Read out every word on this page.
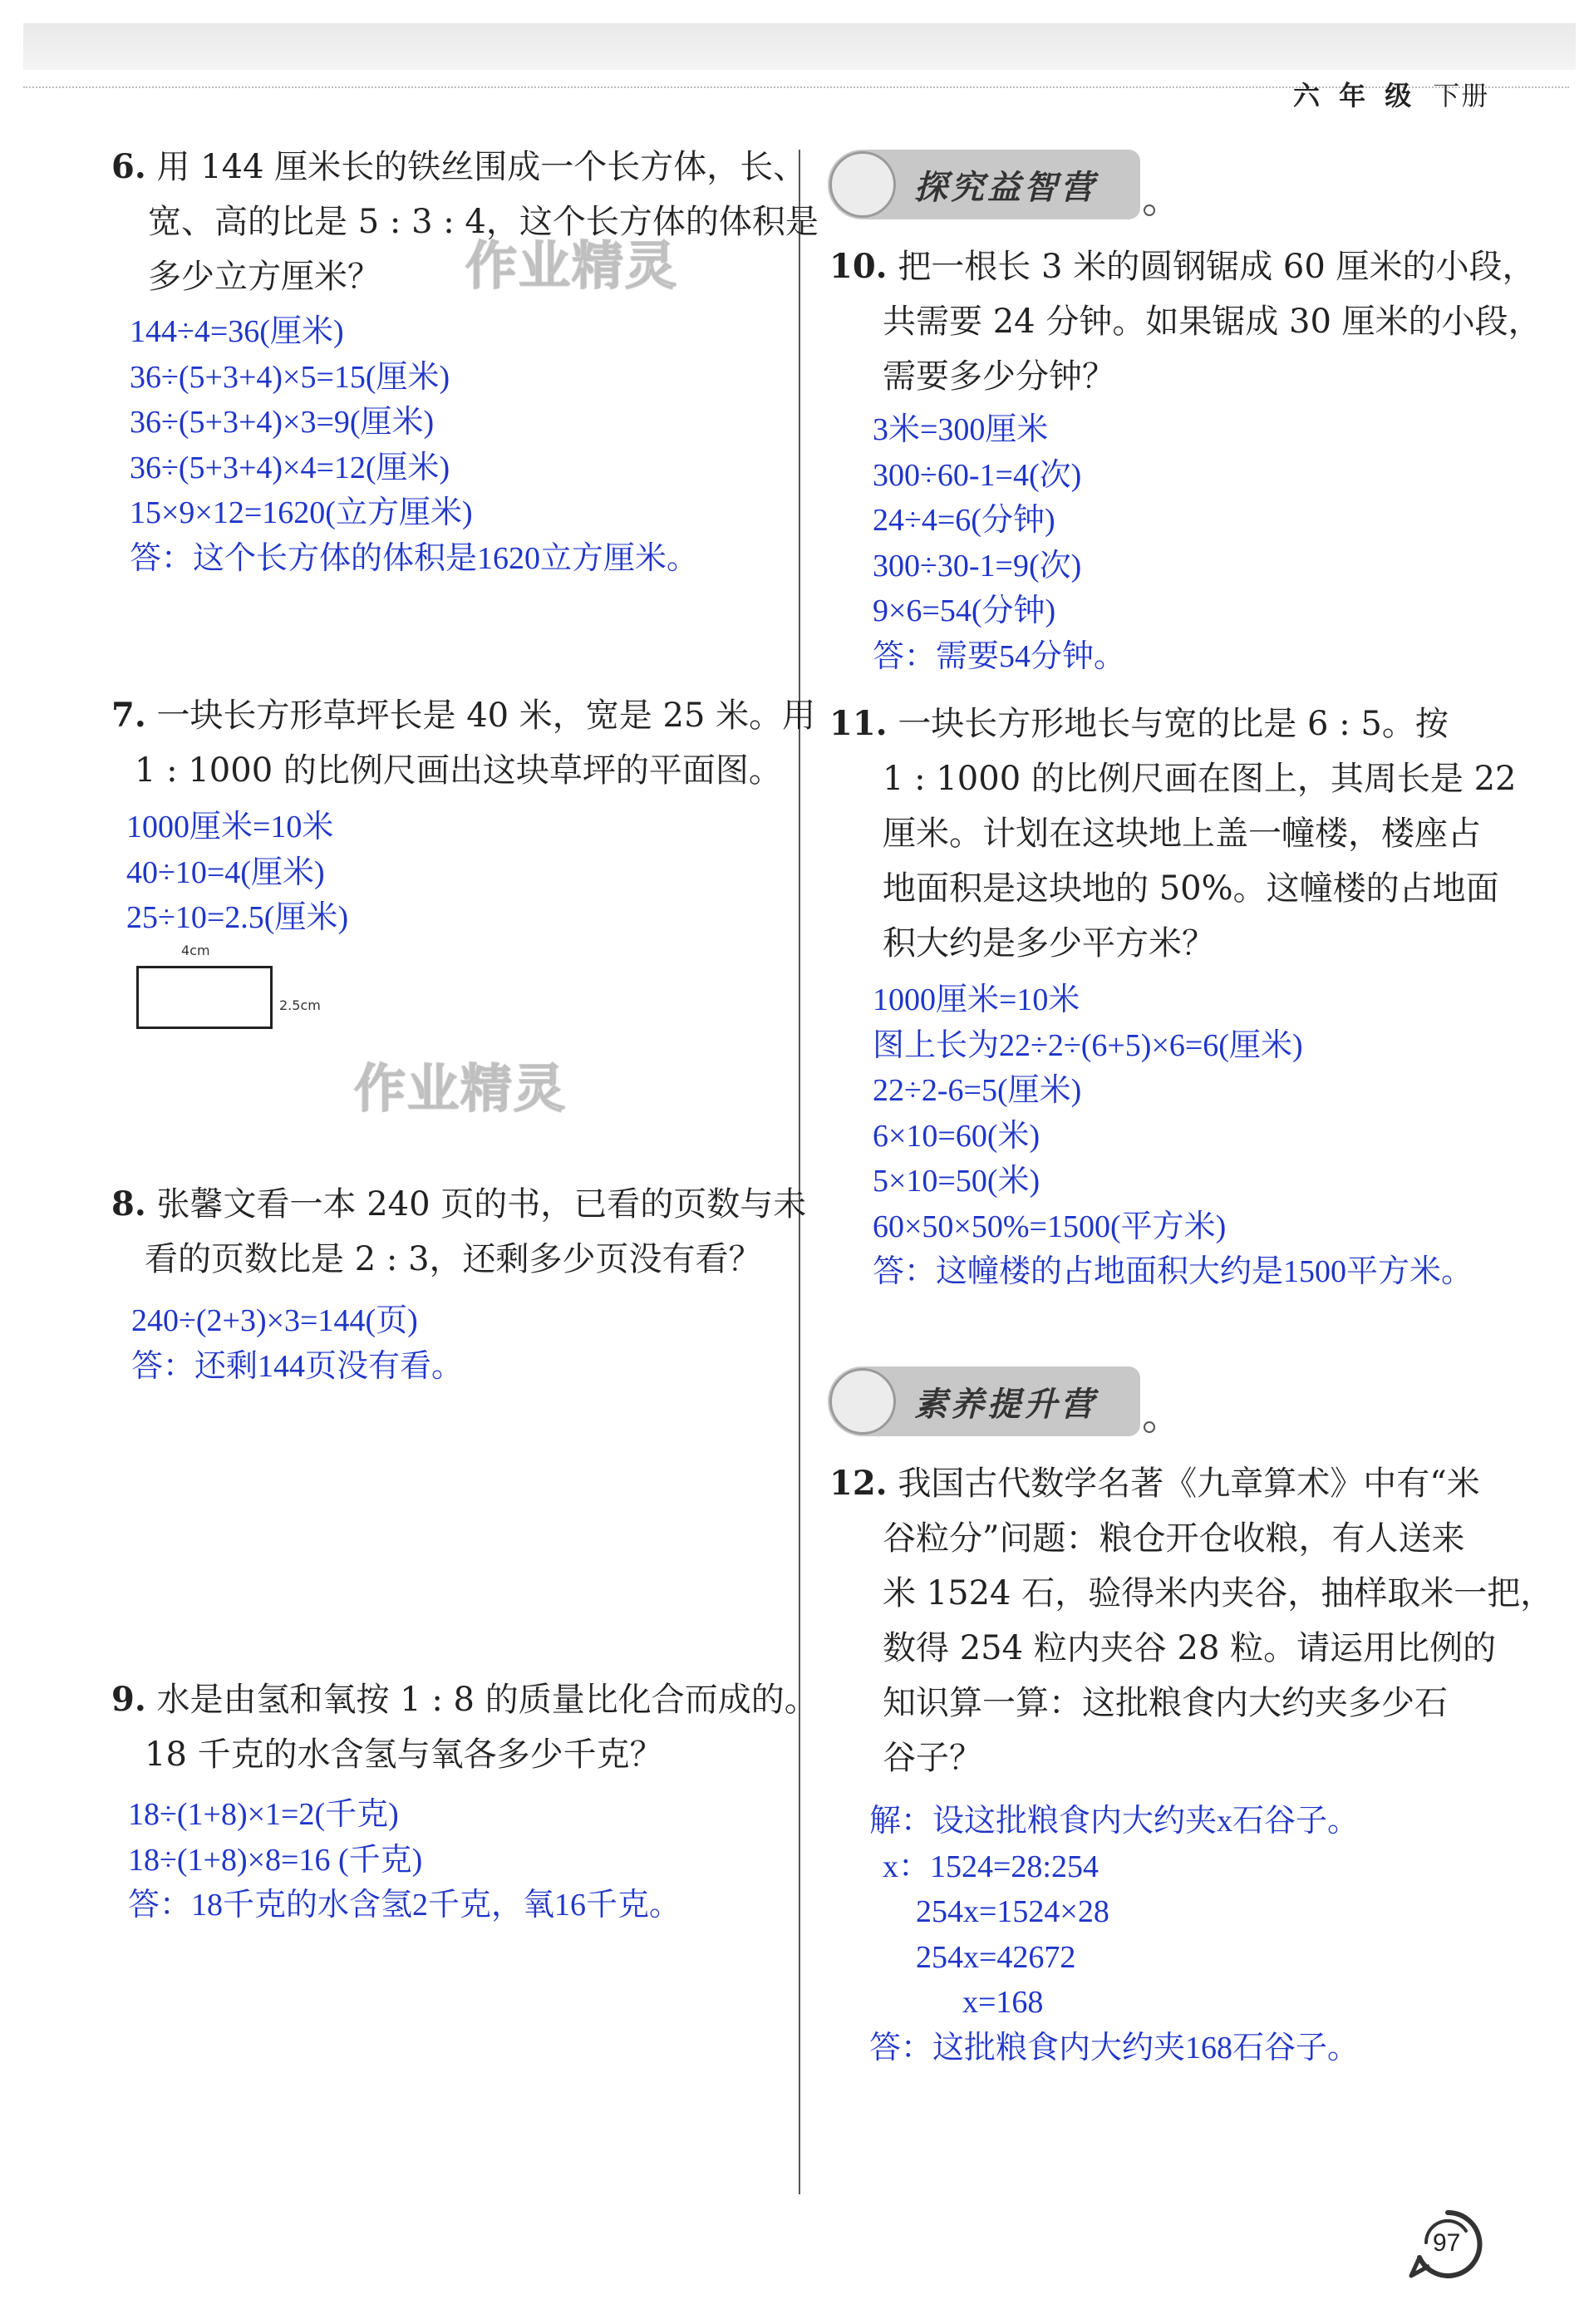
六 年 级 下册
6. 用 144 厘米长的铁丝围成一个长方体，长、
宽、高的比是 5 : 3 : 4，这个长方体的体积是
多少立方厘米？
144÷4=36(厘米)
36÷(5+3+4)×5=15(厘米)
36÷(5+3+4)×3=9(厘米)
36÷(5+3+4)×4=12(厘米)
15×9×12=1620(立方厘米)
答：这个长方体的体积是1620立方厘米。
作业精灵
7. 一块长方形草坪长是 40 米，宽是 25 米。用
1 : 1000 的比例尺画出这块草坪的平面图。
1000厘米=10米
40÷10=4(厘米)
25÷10=2.5(厘米)
4cm
2.5cm
作业精灵
8. 张馨文看一本 240 页的书，已看的页数与未
看的页数比是 2 : 3，还剩多少页没有看？
240÷(2+3)×3=144(页)
答：还剩144页没有看。
9. 水是由氢和氧按 1 : 8 的质量比化合而成的。
18 千克的水含氢与氧各多少千克？
18÷(1+8)×1=2(千克)
18÷(1+8)×8=16 (千克)
答：18千克的水含氢2千克，氧16千克。
探究益智营
10. 把一根长 3 米的圆钢锯成 60 厘米的小段，
共需要 24 分钟。如果锯成 30 厘米的小段，
需要多少分钟？
3米=300厘米
300÷60-1=4(次)
24÷4=6(分钟)
300÷30-1=9(次)
9×6=54(分钟)
答：需要54分钟。
11. 一块长方形地长与宽的比是 6 : 5。按
1 : 1000 的比例尺画在图上，其周长是 22
厘米。计划在这块地上盖一幢楼，楼座占
地面积是这块地的 50%。这幢楼的占地面
积大约是多少平方米？
1000厘米=10米
图上长为22÷2÷(6+5)×6=6(厘米)
22÷2-6=5(厘米)
6×10=60(米)
5×10=50(米)
60×50×50%=1500(平方米)
答：这幢楼的占地面积大约是1500平方米。
素养提升营
12. 我国古代数学名著《九章算术》中有“米
谷粒分”问题：粮仓开仓收粮，有人送来
米 1524 石，验得米内夹谷，抽样取米一把，
数得 254 粒内夹谷 28 粒。请运用比例的
知识算一算：这批粮食内大约夹多少石
谷子？
解：设这批粮食内大约夹x石谷子。
x：1524=28:254
254x=1524×28
254x=42672
x=168
答：这批粮食内大约夹168石谷子。
97
